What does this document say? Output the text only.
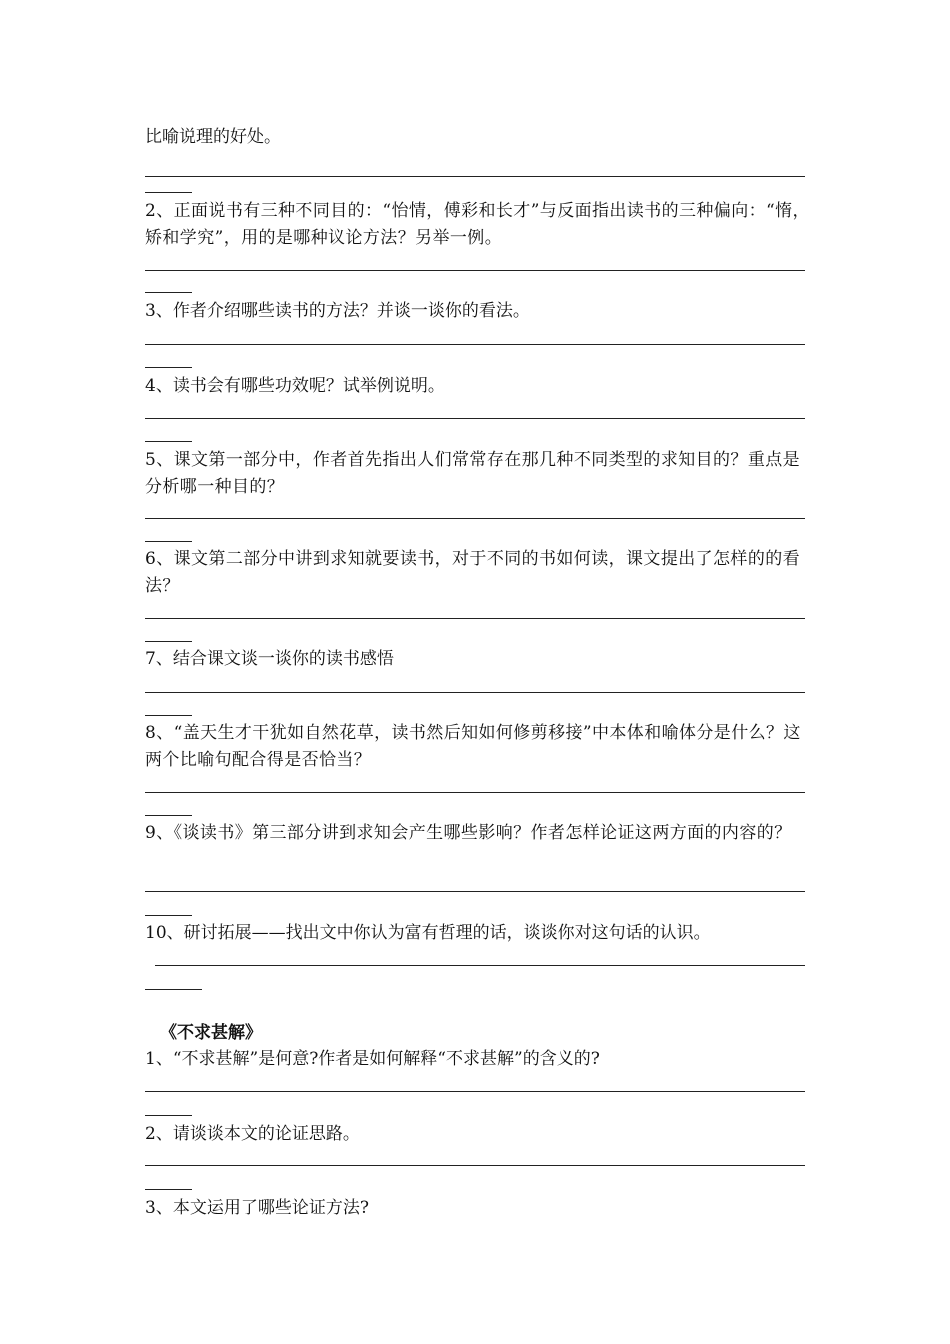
比喻说理的好处。
2、正面说书有三种不同目的：“怡情，傅彩和长才”与反面指出读书的三种偏向：“惰，矫和学究”，用的是哪种议论方法？另举一例。
3、作者介绍哪些读书的方法？并谈一谈你的看法。
4、读书会有哪些功效呢？试举例说明。
5、课文第一部分中，作者首先指出人们常常存在那几种不同类型的求知目的？重点是分析哪一种目的？
6、课文第二部分中讲到求知就要读书，对于不同的书如何读，课文提出了怎样的的看法？
7、结合课文谈一谈你的读书感悟
8、“盖天生才干犹如自然花草，读书然后知如何修剪移接”中本体和喻体分是什么？这两个比喻句配合得是否恰当？
9、《谈读书》第三部分讲到求知会产生哪些影响？作者怎样论证这两方面的内容的？
10、研讨拓展——找出文中你认为富有哲理的话，谈谈你对这句话的认识。
《不求甚解》
1、“不求甚解”是何意?作者是如何解释“不求甚解”的含义的?
2、请谈谈本文的论证思路。
3、本文运用了哪些论证方法?
